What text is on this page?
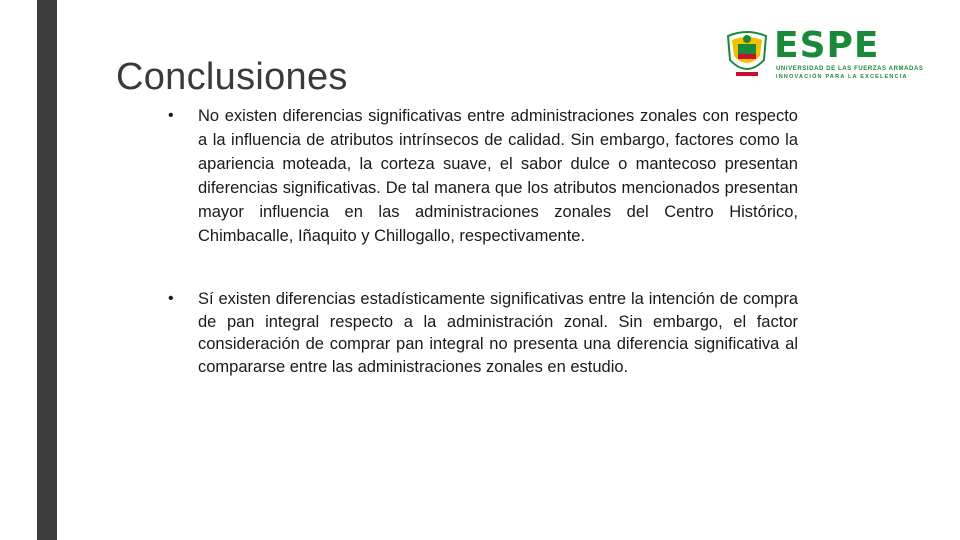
Conclusiones
ESPE
UNIVERSIDAD DE LAS FUERZAS ARMADAS
INNOVACIÓN PARA LA EXCELENCIA
• No existen diferencias significativas entre administraciones zonales con respecto a la influencia de atributos intrínsecos de calidad. Sin embargo, factores como la apariencia moteada, la corteza suave, el sabor dulce o mantecoso presentan diferencias significativas. De tal manera que los atributos mencionados presentan mayor influencia en las administraciones zonales del Centro Histórico, Chimbacalle, Iñaquito y Chillogallo, respectivamente.
• Sí existen diferencias estadísticamente significativas entre la intención de compra de pan integral respecto a la administración zonal. Sin embargo, el factor consideración de comprar pan integral no presenta una diferencia significativa al compararse entre las administraciones zonales en estudio.
